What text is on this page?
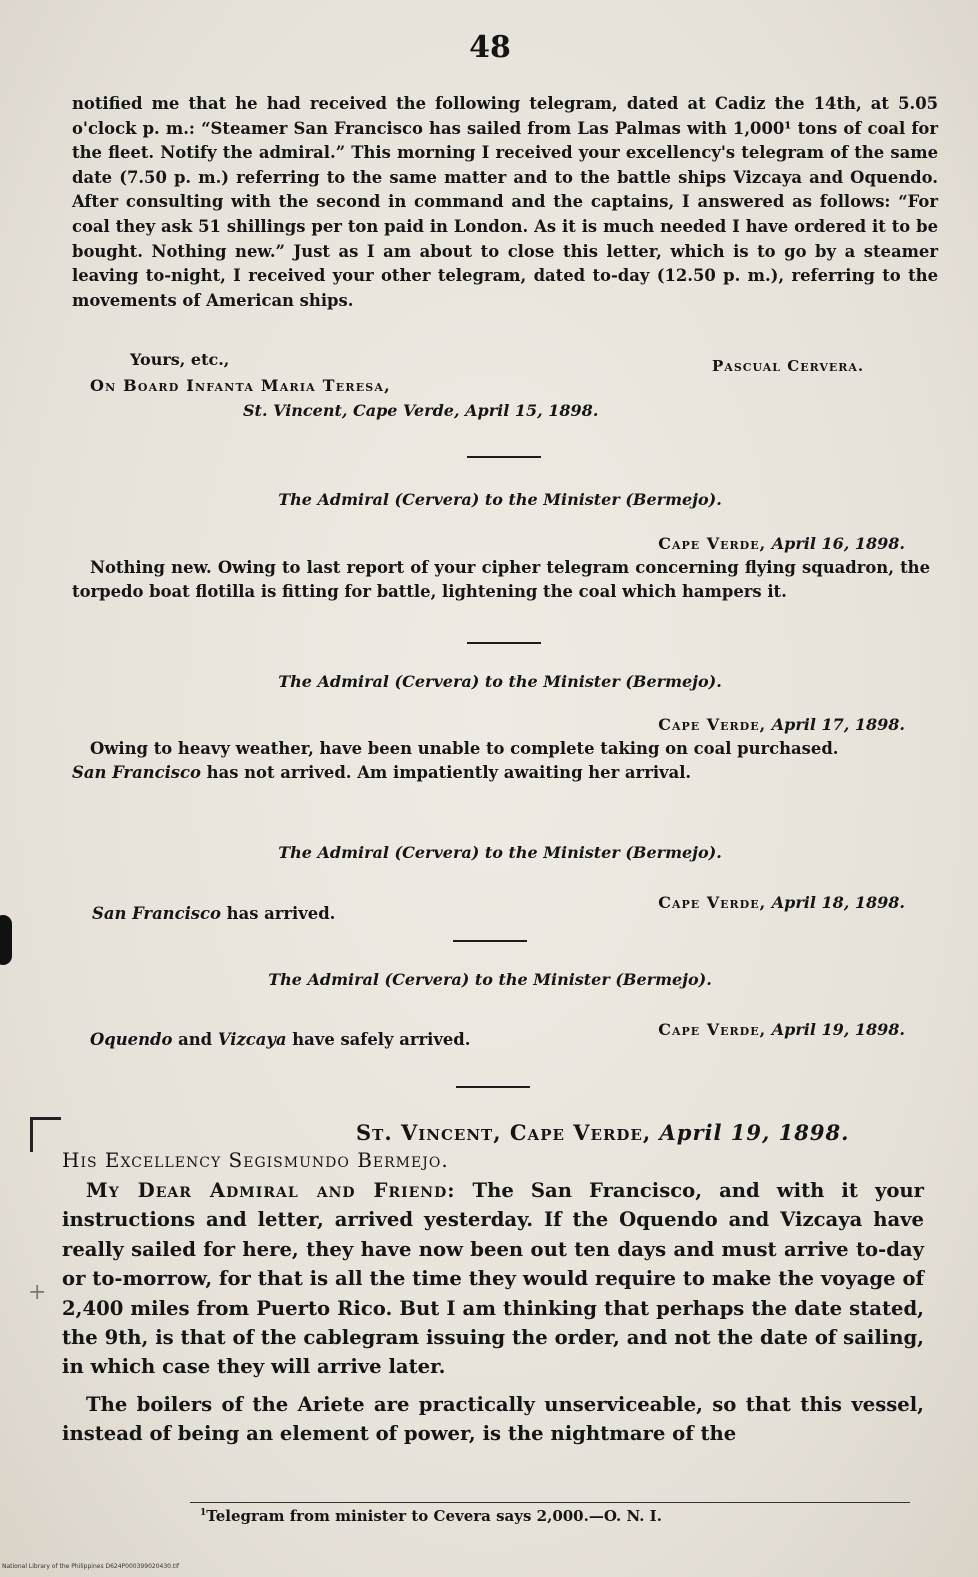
48

notified me that he had received the following telegram, dated at Cadiz the 14th, at 5.05 o'clock p. m.: “Steamer San Francisco has sailed from Las Palmas with 1,000¹ tons of coal for the fleet. Notify the admiral.” This morning I received your excellency's telegram of the same date (7.50 p. m.) referring to the same matter and to the battle ships Vizcaya and Oquendo. After consulting with the second in command and the captains, I answered as follows: “For coal they ask 51 shillings per ton paid in London. As it is much needed I have ordered it to be bought. Nothing new.” Just as I am about to close this letter, which is to go by a steamer leaving to-night, I received your other telegram, dated to-day (12.50 p. m.), referring to the movements of American ships.

Yours, etc.,	Pascual Cervera.
On Board Infanta Maria Teresa,
St. Vincent, Cape Verde, April 15, 1898.
The Admiral (Cervera) to the Minister (Bermejo).
Cape Verde, April 16, 1898.

Nothing new. Owing to last report of your cipher telegram concerning flying squadron, the torpedo boat flotilla is fitting for battle, lightening the coal which hampers it.

The Admiral (Cervera) to the Minister (Bermejo).
Cape Verde, April 17, 1898.
Owing to heavy weather, have been unable to complete taking on coal purchased.
San Francisco has not arrived. Am impatiently awaiting her arrival.
The Admiral (Cervera) to the Minister (Bermejo).
Cape Verde, April 18, 1898.
San Francisco has arrived.
The Admiral (Cervera) to the Minister (Bermejo).
Cape Verde, April 19, 1898.
Oquendo and Vizcaya have safely arrived.
St. Vincent, Cape Verde, April 19, 1898.
His Excellency Segismundo Bermejo.

My Dear Admiral and Friend: The San Francisco, and with it your instructions and letter, arrived yesterday. If the Oquendo and Vizcaya have really sailed for here, they have now been out ten days and must arrive to-day or to-morrow, for that is all the time they would require to make the voyage of 2,400 miles from Puerto Rico. But I am thinking that perhaps the date stated, the 9th, is that of the cablegram issuing the order, and not the date of sailing, in which case they will arrive later.

The boilers of the Ariete are practically unserviceable, so that this vessel, instead of being an element of power, is the nightmare of the

+
$^1$Telegram from minister to Cevera says 2,000.—O. N. I.
National Library of the Philippines D624P000399020430.tif
